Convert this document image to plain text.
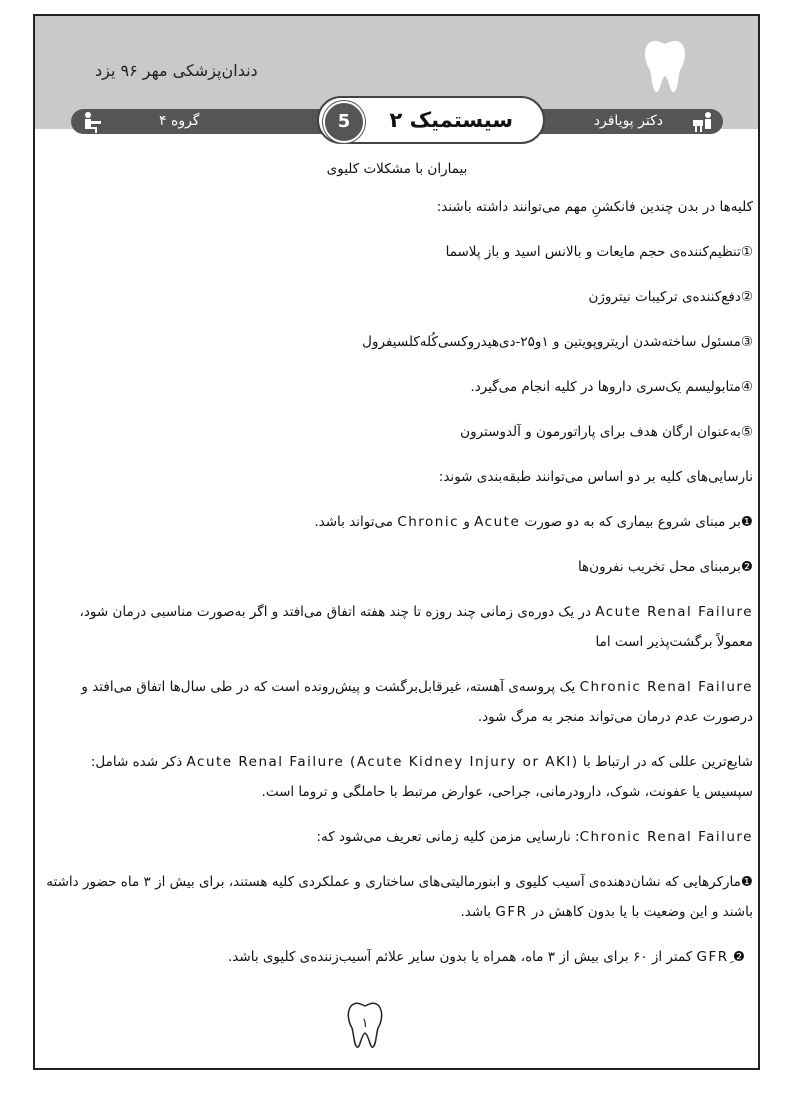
دندان‌پزشکی مهر ۹۶ یزد
دکتر پویافرد
گروه ۴	5	سیستمیک ۲

بیماران با مشکلات کلیوی

کلیه‌ها در بدن چندین فانکشنِ مهم می‌توانند داشته باشند:

①تنظیم‌کننده‌ی حجم مایعات و بالانس اسید و باز پلاسما

②دفع‌کننده‌ی ترکیبات نیتروژن

③مسئول ساخته‌شدن اریتروپویتین و ۱و۲۵-دی‌هیدروکسی‌کُله‌کلسیفرول

④متابولیسم یک‌سری داروها در کلیه انجام می‌گیرد.

⑤به‌عنوان ارگان هدف برای پاراتورمون و آلدوسترون

نارسایی‌های کلیه بر دو اساس می‌توانند طبقه‌بندی شوند:

❶بر مبنای شروع بیماری که به دو صورت Acute و Chronic می‌تواند باشد.

❷برمبنای محل تخریب نفرون‌ها

Acute Renal Failure در یک دوره‌ی زمانی چند روزه تا چند هفته اتفاق می‌افتد و اگر به‌صورت مناسبی درمان شود، معمولاً برگشت‌پذیر است اما

Chronic Renal Failure یک پروسه‌ی آهسته، غیرقابل‌برگشت و پیش‌رونده است که در طی سال‌ها اتفاق می‌افتد و درصورت عدم درمان می‌تواند منجر به مرگ شود.

شایع‌ترین عللی که در ارتباط با Acute Renal Failure (Acute Kidney Injury or AKI) ذکر شده شامل: سپسیس یا عفونت، شوک، دارودرمانی، جراحی، عوارض مرتبط با حاملگی و تروما است.

Chronic Renal Failure: نارسایی مزمن کلیه زمانی تعریف می‌شود که:

❶مارکرهایی که نشان‌دهنده‌ی آسیب کلیوی و ابنورمالیتی‌های ساختاری و عملکردی کلیه هستند، برای بیش از ۳ ماه حضور داشته باشند و این وضعیت با یا بدون کاهش در GFR باشد.

❷ GFR کمتر از ۶۰ برای بیش از ۳ ماه، همراه یا بدون سایر علائم آسیب‌زننده‌ی کلیوی باشد.

۱
